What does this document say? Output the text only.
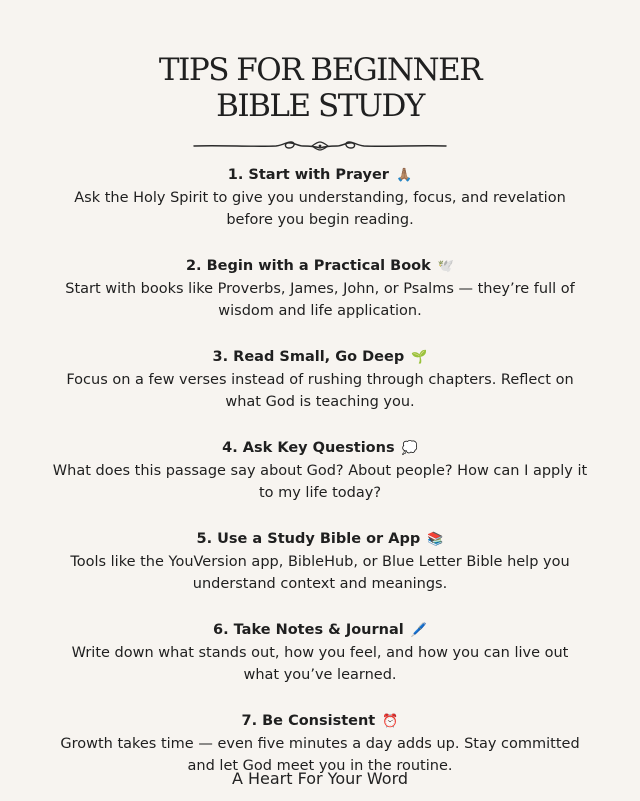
TIPS FOR BEGINNER
BIBLE STUDY

1. Start with Prayer 🙏🏽

Ask the Holy Spirit to give you understanding, focus, and revelation
before you begin reading.

2. Begin with a Practical Book 🕊️

Start with books like Proverbs, James, John, or Psalms — they’re full of
wisdom and life application.

3. Read Small, Go Deep 🌱

Focus on a few verses instead of rushing through chapters. Reflect on
what God is teaching you.

4. Ask Key Questions 💭

What does this passage say about God? About people? How can I apply it
to my life today?

5. Use a Study Bible or App 📚

Tools like the YouVersion app, BibleHub, or Blue Letter Bible help you
understand context and meanings.

6. Take Notes & Journal 🖊️

Write down what stands out, how you feel, and how you can live out
what you’ve learned.

7. Be Consistent ⏰

Growth takes time — even five minutes a day adds up. Stay committed
and let God meet you in the routine.

A Heart For Your Word
